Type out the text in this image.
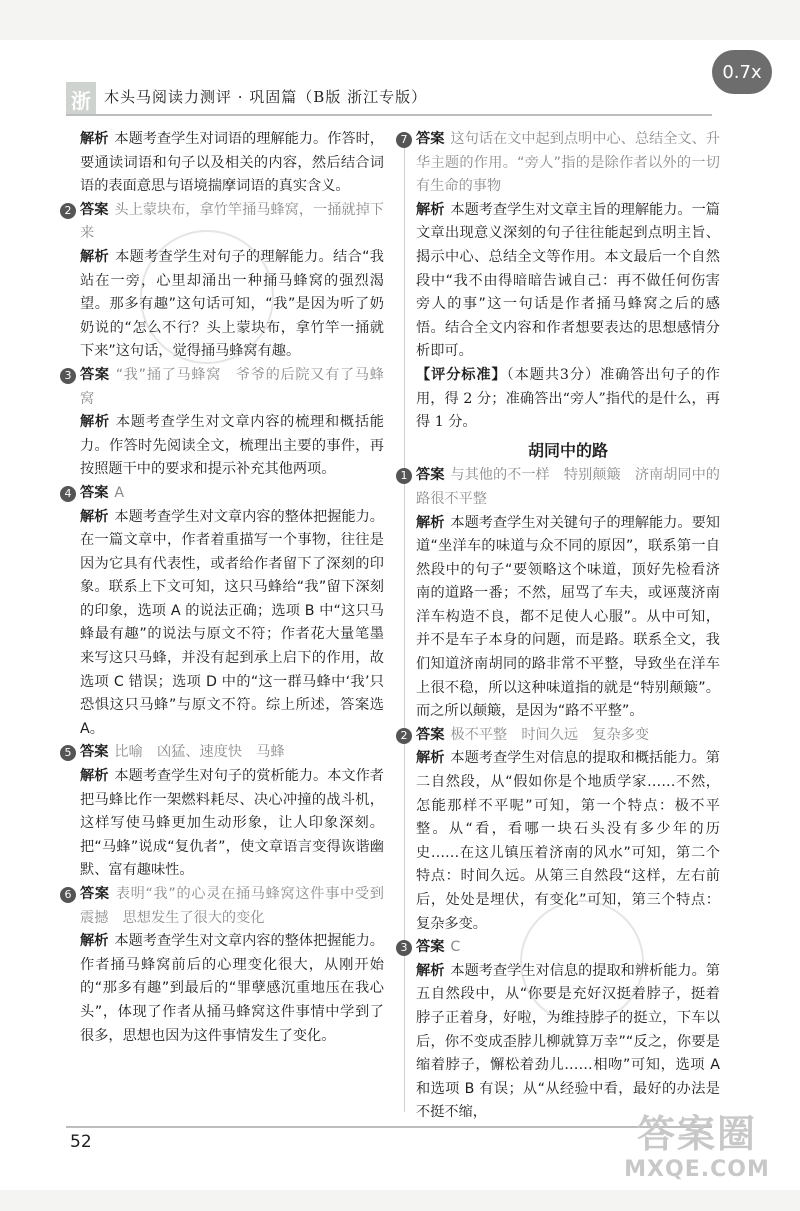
浙 木头马阅读力测评 · 巩固篇（B版 浙江专版）
0.7x

解析 本题考查学生对词语的理解能力。作答时，要通读词语和句子以及相关的内容，然后结合词语的表面意思与语境揣摩词语的真实含义。

2 答案 头上蒙块布，拿竹竿捅马蜂窝，一捅就掉下来

解析 本题考查学生对句子的理解能力。结合“我站在一旁，心里却涌出一种捅马蜂窝的强烈渴望。那多有趣”这句话可知，“我”是因为听了奶奶说的“怎么不行？头上蒙块布，拿竹竿一捅就下来”这句话，觉得捅马蜂窝有趣。

3 答案 “我”捅了马蜂窝　爷爷的后院又有了马蜂窝

解析 本题考查学生对文章内容的梳理和概括能力。作答时先阅读全文，梳理出主要的事件，再按照题干中的要求和提示补充其他两项。

4 答案 A

解析 本题考查学生对文章内容的整体把握能力。在一篇文章中，作者着重描写一个事物，往往是因为它具有代表性，或者给作者留下了深刻的印象。联系上下文可知，这只马蜂给“我”留下深刻的印象，选项 A 的说法正确；选项 B 中“这只马蜂最有趣”的说法与原文不符；作者花大量笔墨来写这只马蜂，并没有起到承上启下的作用，故选项 C 错误；选项 D 中的“这一群马蜂中‘我’只恐惧这只马蜂”与原文不符。综上所述，答案选 A。

5 答案 比喻　凶猛、速度快　马蜂

解析 本题考查学生对句子的赏析能力。本文作者把马蜂比作一架燃料耗尽、决心冲撞的战斗机，这样写使马蜂更加生动形象，让人印象深刻。把“马蜂”说成“复仇者”，使文章语言变得诙谐幽默、富有趣味性。

6 答案 表明“我”的心灵在捅马蜂窝这件事中受到震撼　思想发生了很大的变化

解析 本题考查学生对文章内容的整体把握能力。作者捅马蜂窝前后的心理变化很大，从刚开始的“那多有趣”到最后的“罪孽感沉重地压在我心头”，体现了作者从捅马蜂窝这件事情中学到了很多，思想也因为这件事情发生了变化。

7 答案 这句话在文中起到点明中心、总结全文、升华主题的作用。“旁人”指的是除作者以外的一切有生命的事物

解析 本题考查学生对文章主旨的理解能力。一篇文章出现意义深刻的句子往往能起到点明主旨、揭示中心、总结全文等作用。本文最后一个自然段中“我不由得暗暗告诫自己：再不做任何伤害旁人的事”这一句话是作者捅马蜂窝之后的感悟。结合全文内容和作者想要表达的思想感情分析即可。

【评分标准】（本题共3分）准确答出句子的作用，得 2 分；准确答出“旁人”指代的是什么，再得 1 分。

胡同中的路

1 答案 与其他的不一样　特别颠簸　济南胡同中的路很不平整

解析 本题考查学生对关键句子的理解能力。要知道“坐洋车的味道与众不同的原因”，联系第一自然段中的句子“要领略这个味道，顶好先检看济南的道路一番；不然，屈骂了车夫，或诬蔑济南洋车构造不良，都不足使人心服”。从中可知，并不是车子本身的问题，而是路。联系全文，我们知道济南胡同的路非常不平整，导致坐在洋车上很不稳，所以这种味道指的就是“特别颠簸”。而之所以颠簸，是因为“路不平整”。

2 答案 极不平整　时间久远　复杂多变

解析 本题考查学生对信息的提取和概括能力。第二自然段，从“假如你是个地质学家……不然，怎能那样不平呢”可知，第一个特点：极不平整。从“看，看哪一块石头没有多少年的历史……在这儿镇压着济南的风水”可知，第二个特点：时间久远。从第三自然段“这样，左右前后，处处是埋伏，有变化”可知，第三个特点：复杂多变。

3 答案 C

解析 本题考查学生对信息的提取和辨析能力。第五自然段中，从“你要是充好汉挺着脖子，挺着脖子正着身，好啦，为维持脖子的挺立，下车以后，你不变成歪脖儿柳就算万幸”“反之，你要是缩着脖子，懈松着劲儿……相吻”可知，选项 A 和选项 B 有误；从“从经验中看，最好的办法是不挺不缩，

52	答案圈
MXQE.COM
